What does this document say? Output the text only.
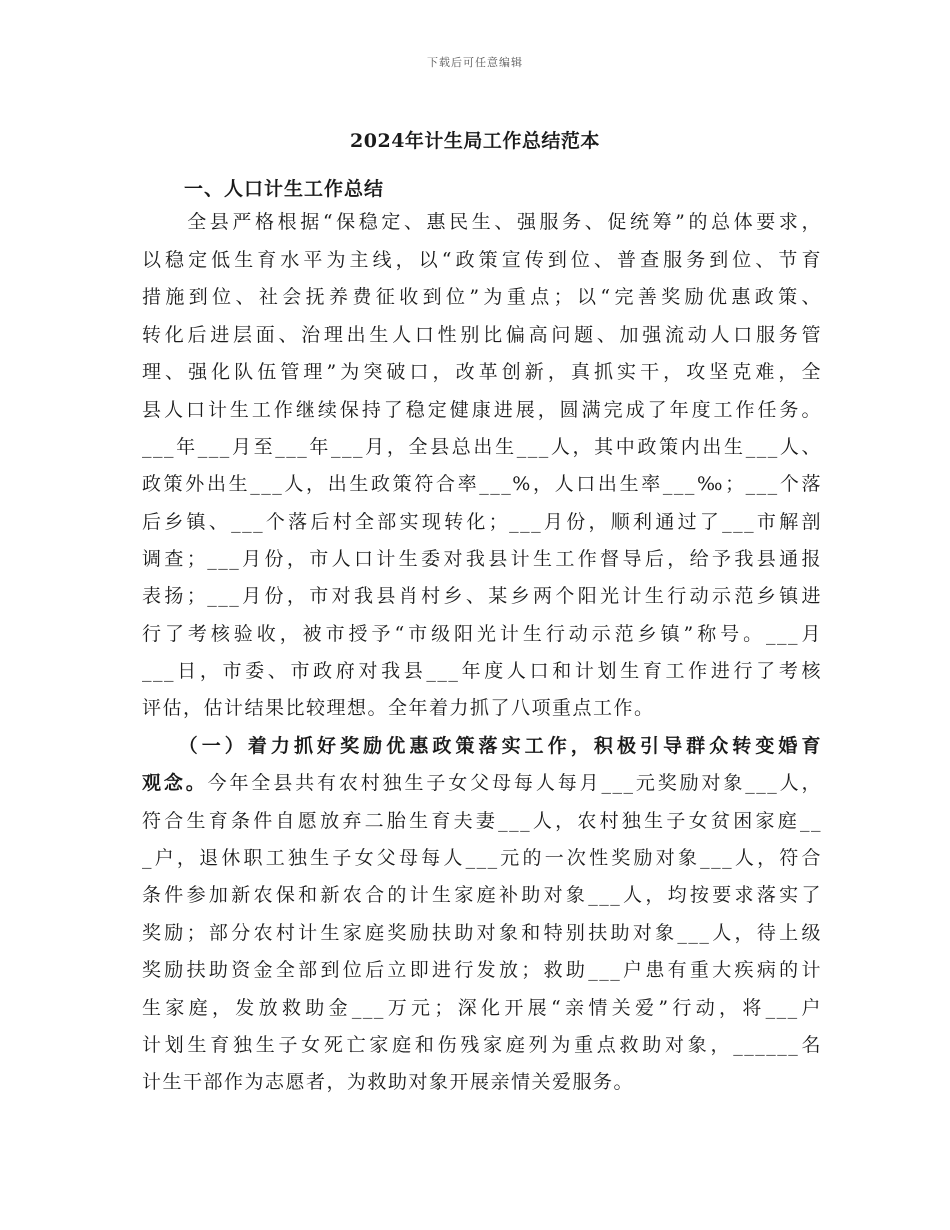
下载后可任意编辑
2024年计生局工作总结范本
一、人口计生工作总结
　　全县严格根据“保稳定、惠民生、强服务、促统筹”的总体要求，
以稳定低生育水平为主线，以“政策宣传到位、普查服务到位、节育
措施到位、社会抚养费征收到位”为重点；以“完善奖励优惠政策、
转化后进层面、治理出生人口性别比偏高问题、加强流动人口服务管
理、强化队伍管理”为突破口，改革创新，真抓实干，攻坚克难，全
县人口计生工作继续保持了稳定健康进展，圆满完成了年度工作任务。
___年___月至___年___月，全县总出生___人，其中政策内出生___人、
政策外出生___人，出生政策符合率___%，人口出生率___‰；___个落
后乡镇、___个落后村全部实现转化；___月份，顺利通过了___市解剖
调查；___月份，市人口计生委对我县计生工作督导后，给予我县通报
表扬；___月份，市对我县肖村乡、某乡两个阳光计生行动示范乡镇进
行了考核验收，被市授予“市级阳光计生行动示范乡镇”称号。___月
___日，市委、市政府对我县___年度人口和计划生育工作进行了考核
评估，估计结果比较理想。全年着力抓了八项重点工作。
　　（一）着力抓好奖励优惠政策落实工作，积极引导群众转变婚育
观念。今年全县共有农村独生子女父母每人每月___元奖励对象___人，
符合生育条件自愿放弃二胎生育夫妻___人，农村独生子女贫困家庭__
_户，退休职工独生子女父母每人___元的一次性奖励对象___人，符合
条件参加新农保和新农合的计生家庭补助对象___人，均按要求落实了
奖励；部分农村计生家庭奖励扶助对象和特别扶助对象___人，待上级
奖励扶助资金全部到位后立即进行发放；救助___户患有重大疾病的计
生家庭，发放救助金___万元；深化开展“亲情关爱”行动，将___户
计划生育独生子女死亡家庭和伤残家庭列为重点救助对象，______名
计生干部作为志愿者，为救助对象开展亲情关爱服务。
